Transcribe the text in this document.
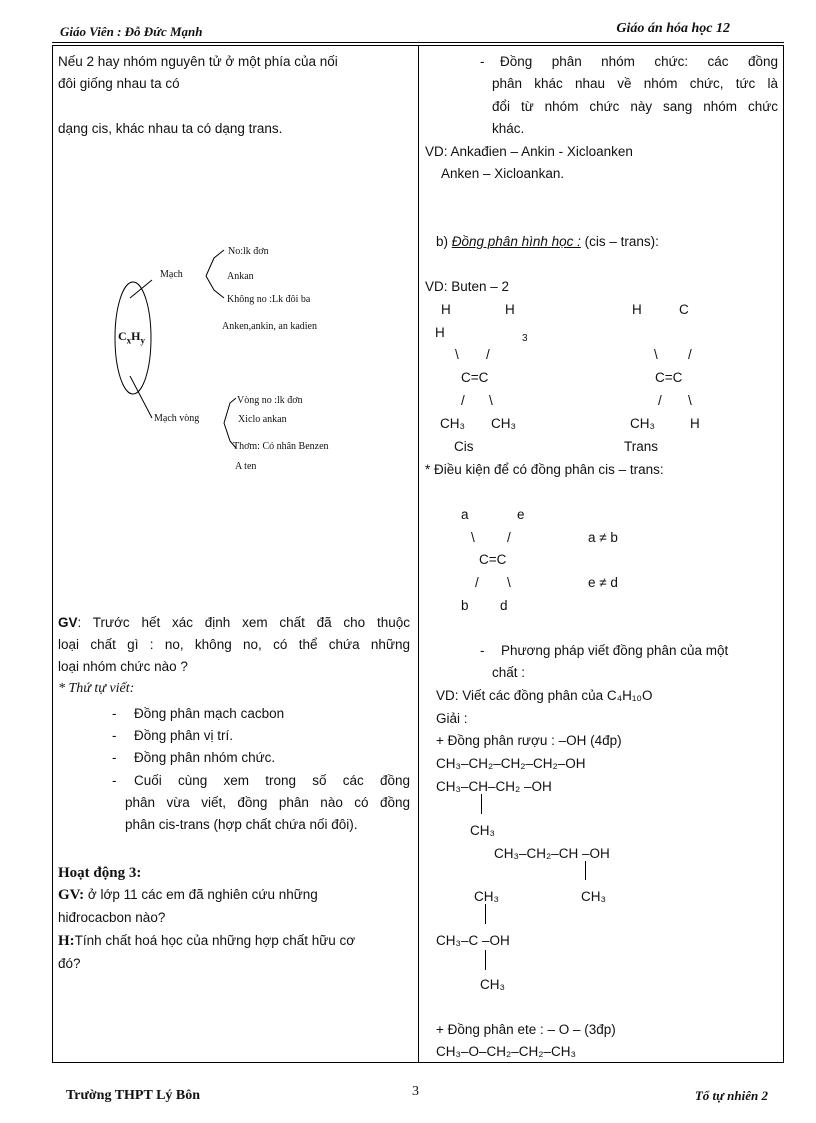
Giáo Viên : Đỗ Đức Mạnh	Giáo án hóa học 12
Nếu 2 hay nhóm nguyên tử ở một phía của nối
đôi giống nhau ta có
dạng cis, khác nhau ta có dạng trans.
No:lk đơn
Mạch	Ankan
Không no :Lk đôi ba
Anken,ankin, an kadien
$C_xH_y$
Vòng no :lk đơn
Mạch vòng	Xiclo ankan
Thơm: Có nhân Benzen
A ten
GV: Trước hết xác định xem chất đã cho thuộc
loại chất gì : no, không no, có thể chứa những
loại nhóm chức nào ?
* Thứ tự viết:
- Đồng phân mạch cacbon
- Đồng phân vị trí.
- Đồng phân nhóm chức.
- Cuối cùng xem trong số các đồng
phân vừa viết, đồng phân nào có đồng
phân cis-trans (hợp chất chứa nối đôi).
Hoạt động 3:
GV: ở lớp 11 các em đã nghiên cứu những
hiđrocacbon nào?
H:Tính chất hoá học của những hợp chất hữu cơ
đó?
- Đồng phân nhóm chức: các đồng
phân khác nhau về nhóm chức, tức là
đổi từ nhóm chức này sang nhóm chức
khác.
VD: Ankađien – Ankin - Xicloanken
Anken – Xicloankan.
b) Đồng phân hình học : (cis – trans):
VD: Buten – 2
H	H
H	3
\ /
C=C
/ \
CH₃ CH₃
Cis
H	C
\ /
C=C
/ \
CH₃	H
Trans
* Điều kiện để có đồng phân cis – trans:
a	e
\ /	a ≠ b
C=C
/ \	e ≠ d
b d
- Phương pháp viết đồng phân của một
chất :
VD: Viết các đồng phân của C₄H₁₀O
Giải :
+ Đồng phân rượu : –OH (4đp)
CH₃–CH₂–CH₂–CH₂–OH
CH₃–CH–CH₂ –OH
CH₃
CH₃–CH₂–CH –OH
CH₃	CH₃
CH₃–C –OH
CH₃
+ Đồng phân ete : – O – (3đp)
CH₃–O–CH₂–CH₂–CH₃
Trường THPT Lý Bôn	3	Tổ tự nhiên 2
